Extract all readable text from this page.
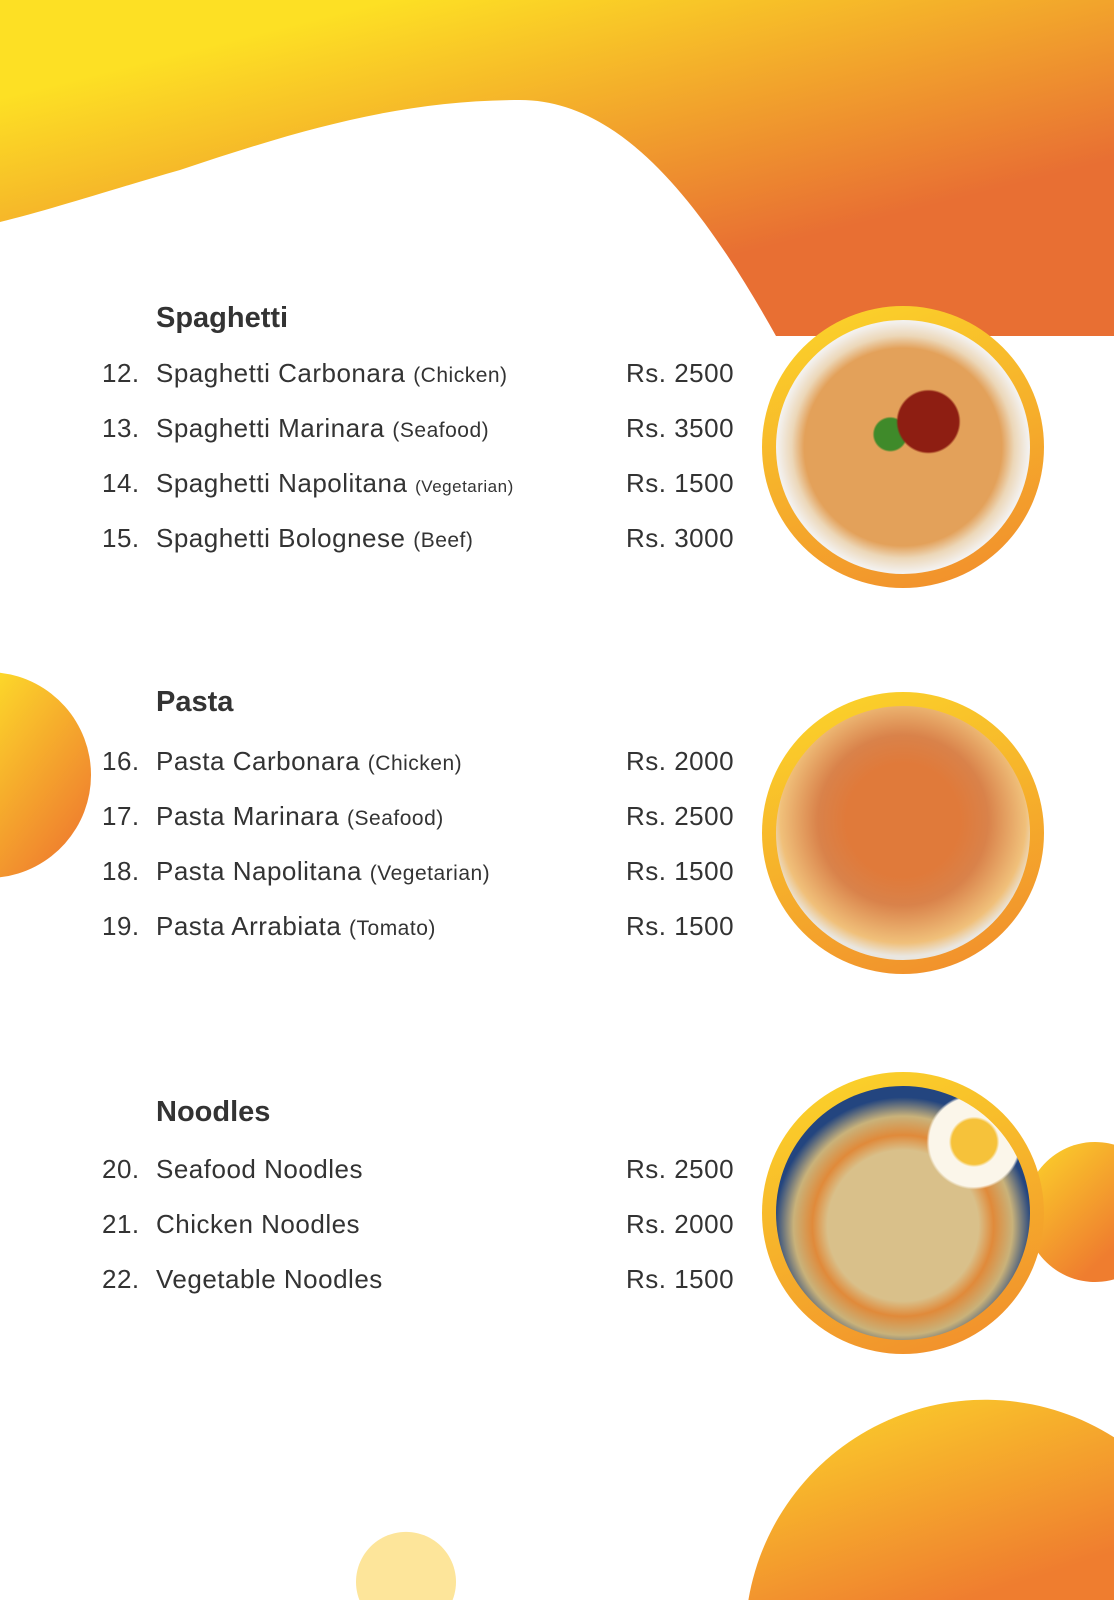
Spaghetti
12. Spaghetti Carbonara (Chicken)	Rs. 2500
13. Spaghetti Marinara (Seafood)	Rs. 3500
14. Spaghetti Napolitana (Vegetarian)	Rs. 1500
15. Spaghetti Bolognese (Beef)	Rs. 3000
Pasta
16. Pasta Carbonara (Chicken)	Rs. 2000
17. Pasta Marinara (Seafood)	Rs. 2500
18. Pasta Napolitana (Vegetarian)	Rs. 1500
19. Pasta Arrabiata (Tomato)	Rs. 1500
Noodles
20. Seafood Noodles	Rs. 2500
21. Chicken Noodles	Rs. 2000
22. Vegetable Noodles	Rs. 1500
